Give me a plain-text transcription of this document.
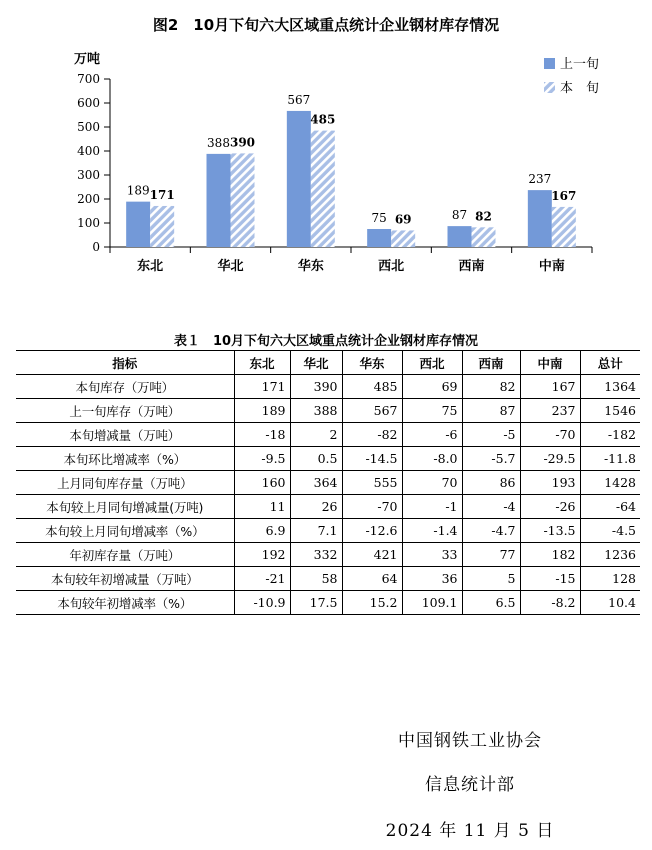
图2　10月下旬六大区域重点统计企业钢材库存情况
万吨
0
100
200
300
400
500
600
700
东北
189 171
华北
388 390
华东
567
485
西北
75 69
西南
87 82
中南
237
167
上一旬
本　旬
表１　10月下旬六大区域重点统计企业钢材库存情况
指标	东北	华北	华东	西北	西南	中南	总计
本旬库存（万吨）	171	390	485	69	82	167	1364
上一旬库存（万吨）	189	388	567	75	87	237	1546
本旬增减量（万吨）	-18	2	-82	-6	-5	-70	-182
本旬环比增减率（%）	-9.5	0.5	-14.5	-8.0	-5.7	-29.5	-11.8
上月同旬库存量（万吨）	160	364	555	70	86	193	1428
本旬较上月同旬增减量(万吨)	11	26	-70	-1	-4	-26	-64
本旬较上月同旬增减率（%）	6.9	7.1	-12.6	-1.4	-4.7	-13.5	-4.5
年初库存量（万吨）	192	332	421	33	77	182	1236
本旬较年初增减量（万吨）	-21	58	64	36	5	-15	128
本旬较年初增减率（%）	-10.9	17.5	15.2	109.1	6.5	-8.2	10.4
中国钢铁工业协会
信息统计部
2024 年 11 月 5 日
